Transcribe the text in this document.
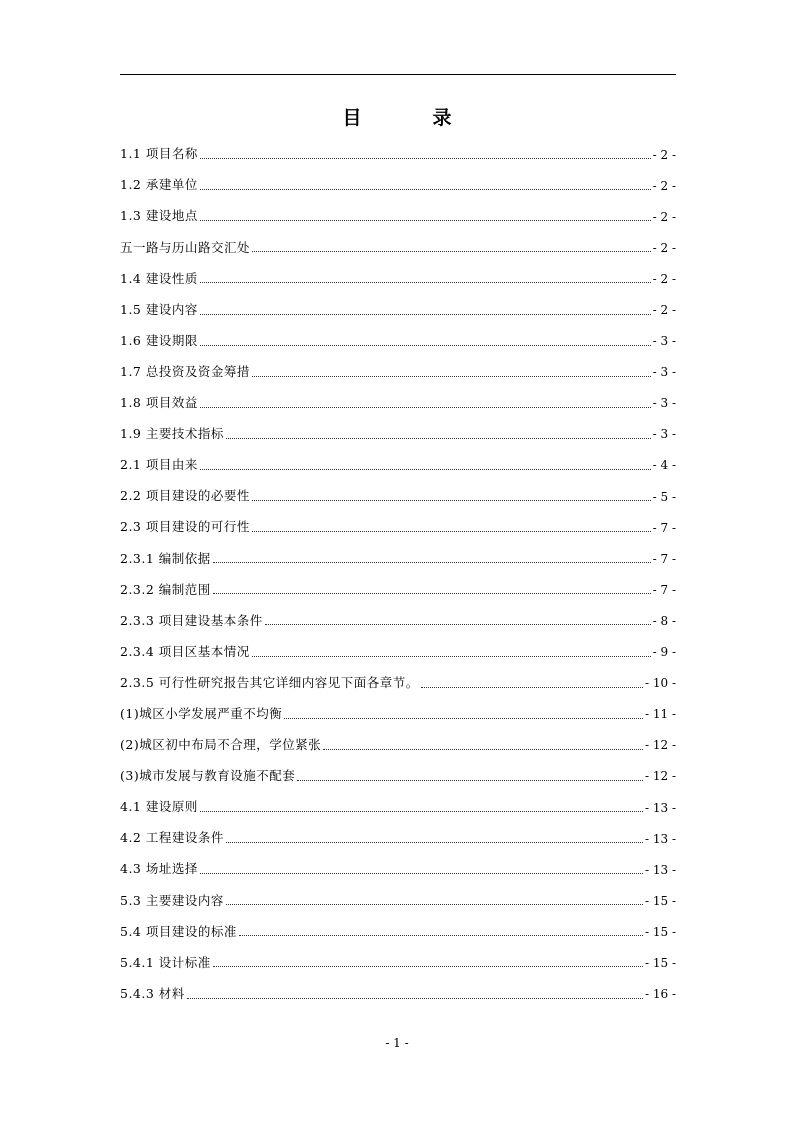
目　录
1.1 项目名称	- 2 -
1.2 承建单位	- 2 -
1.3 建设地点	- 2 -
五一路与历山路交汇处	- 2 -
1.4 建设性质	- 2 -
1.5 建设内容	- 2 -
1.6 建设期限	- 3 -
1.7 总投资及资金筹措	- 3 -
1.8 项目效益	- 3 -
1.9 主要技术指标	- 3 -
2.1 项目由来	- 4 -
2.2 项目建设的必要性	- 5 -
2.3 项目建设的可行性	- 7 -
2.3.1 编制依据	- 7 -
2.3.2 编制范围	- 7 -
2.3.3 项目建设基本条件	- 8 -
2.3.4 项目区基本情况	- 9 -
2.3.5 可行性研究报告其它详细内容见下面各章节。	- 10 -
(1)城区小学发展严重不均衡	- 11 -
(2)城区初中布局不合理，学位紧张	- 12 -
(3)城市发展与教育设施不配套	- 12 -
4.1 建设原则	- 13 -
4.2 工程建设条件	- 13 -
4.3 场址选择	- 13 -
5.3 主要建设内容	- 15 -
5.4 项目建设的标准	- 15 -
5.4.1 设计标准	- 15 -
5.4.3 材料	- 16 -
- 1 -
